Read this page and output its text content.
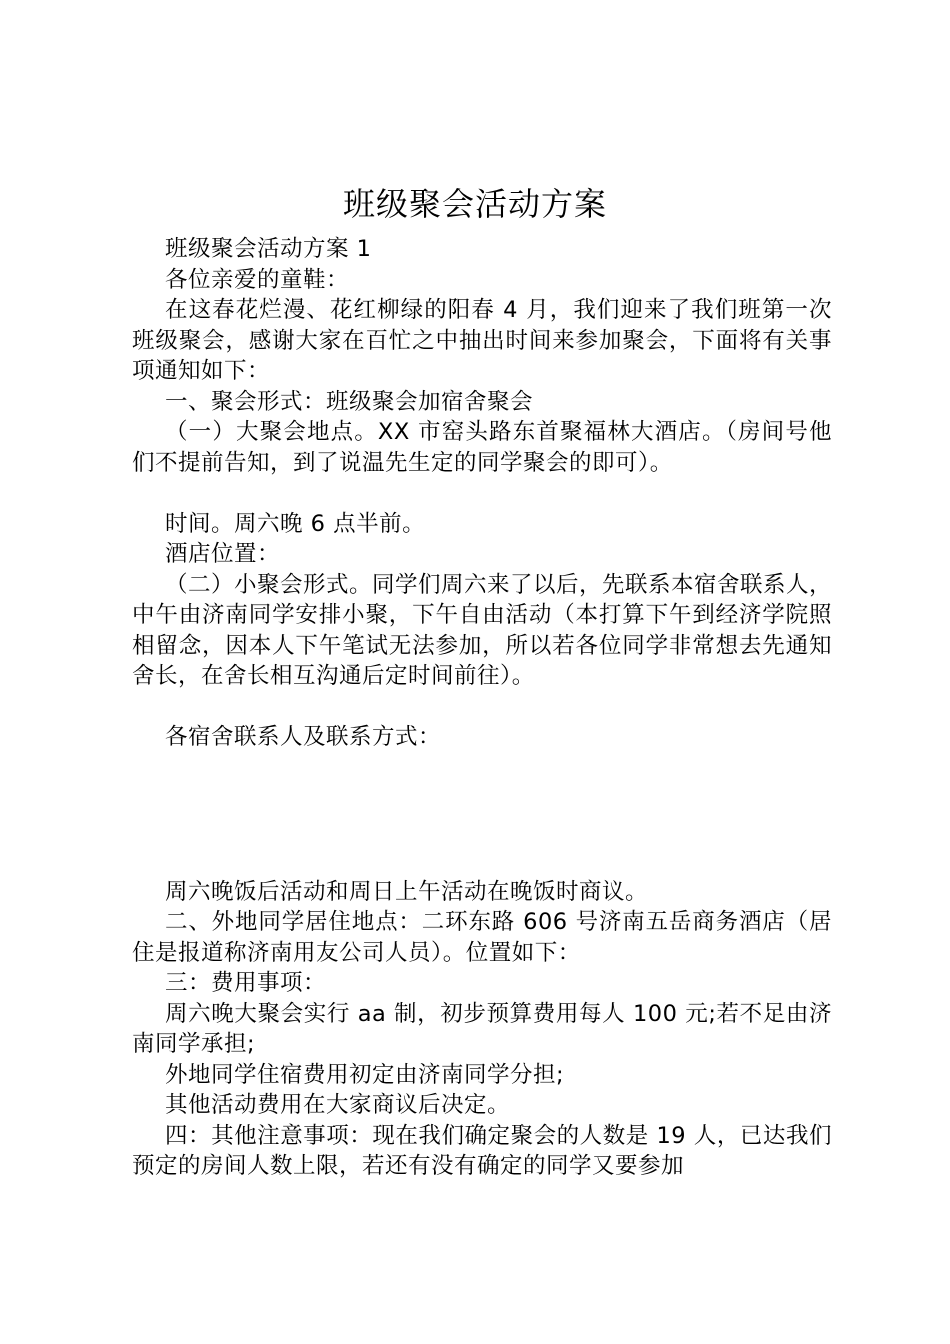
班级聚会活动方案

班级聚会活动方案 1

各位亲爱的童鞋：

在这春花烂漫、花红柳绿的阳春 4 月，我们迎来了我们班第一次班级聚会，感谢大家在百忙之中抽出时间来参加聚会，下面将有关事项通知如下：

一、聚会形式：班级聚会加宿舍聚会

（一）大聚会地点。XX 市窑头路东首聚福林大酒店。（房间号他们不提前告知，到了说温先生定的同学聚会的即可）。

时间。周六晚 6 点半前。

酒店位置：

（二）小聚会形式。同学们周六来了以后，先联系本宿舍联系人，中午由济南同学安排小聚，下午自由活动（本打算下午到经济学院照相留念，因本人下午笔试无法参加，所以若各位同学非常想去先通知舍长，在舍长相互沟通后定时间前往）。

各宿舍联系人及联系方式：

周六晚饭后活动和周日上午活动在晚饭时商议。

二、外地同学居住地点：二环东路 606 号济南五岳商务酒店（居住是报道称济南用友公司人员）。位置如下：

三：费用事项：

周六晚大聚会实行 aa 制，初步预算费用每人 100 元;若不足由济南同学承担;

外地同学住宿费用初定由济南同学分担;

其他活动费用在大家商议后决定。

四：其他注意事项：现在我们确定聚会的人数是 19 人，已达我们预定的房间人数上限，若还有没有确定的同学又要参加
